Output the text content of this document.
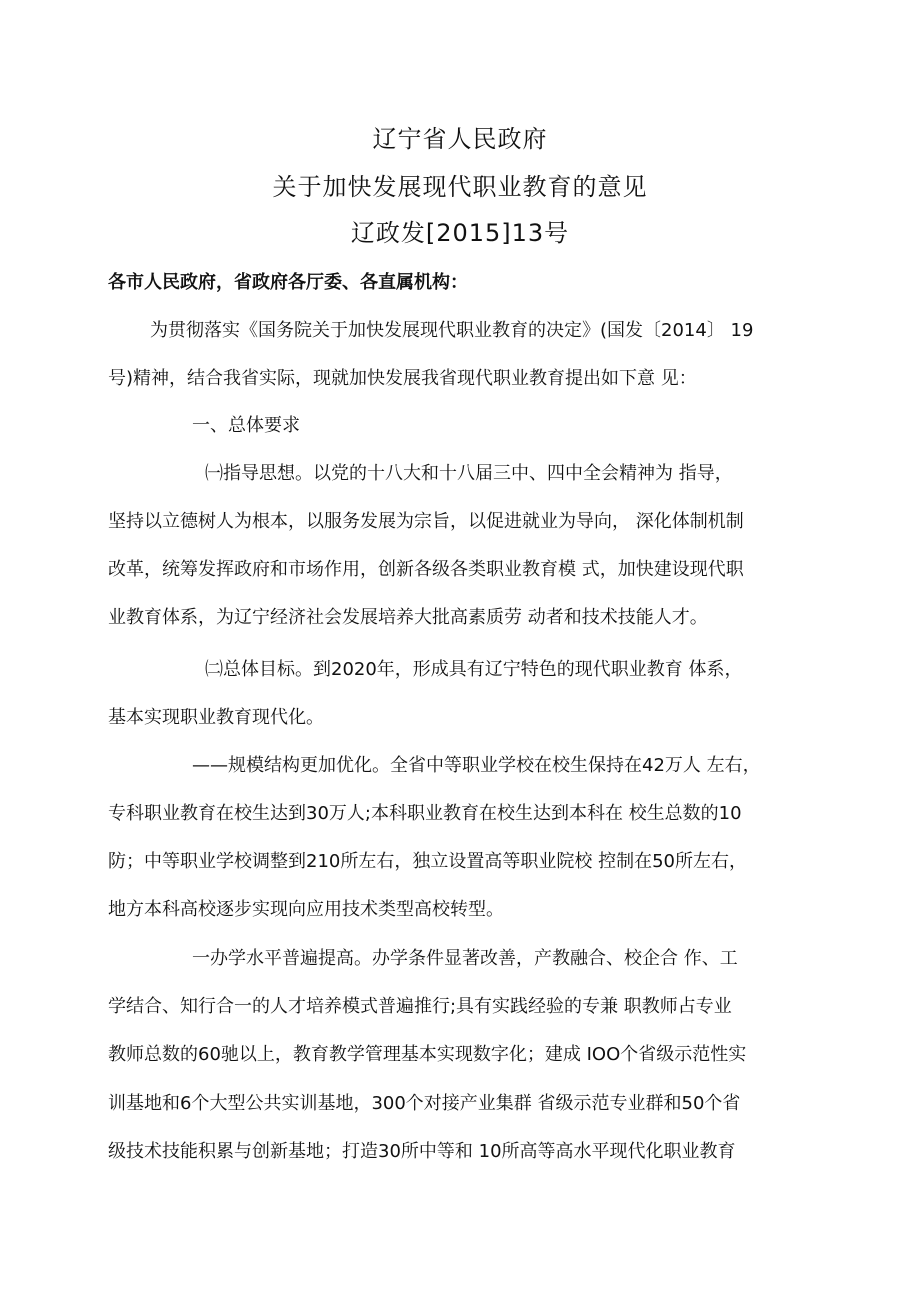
辽宁省人民政府
关于加快发展现代职业教育的意见
辽政发[2015]13号
各市人民政府，省政府各厅委、各直属机构：
为贯彻落实《国务院关于加快发展现代职业教育的决定》(国发〔2014〕 19
号)精神，结合我省实际，现就加快发展我省现代职业教育提出如下意 见：
一、总体要求
㈠指导思想。以党的十八大和十八届三中、四中全会精神为 指导，
坚持以立德树人为根本，以服务发展为宗旨，以促进就业为导向， 深化体制机制
改革，统筹发挥政府和市场作用，创新各级各类职业教育模 式，加快建设现代职
业教育体系，为辽宁经济社会发展培养大批高素质劳 动者和技术技能人才。
㈡总体目标。到2020年，形成具有辽宁特色的现代职业教育 体系，
基本实现职业教育现代化。
——规模结构更加优化。全省中等职业学校在校生保持在42万人 左右，
专科职业教育在校生达到30万人;本科职业教育在校生达到本科在 校生总数的10
防；中等职业学校调整到210所左右，独立设置高等职业院校 控制在50所左右，
地方本科高校逐步实现向应用技术类型高校转型。
一办学水平普遍提高。办学条件显著改善，产教融合、校企合 作、工
学结合、知行合一的人才培养模式普遍推行;具有实践经验的专兼 职教师占专业
教师总数的60驰以上，教育教学管理基本实现数字化；建成 IOO个省级示范性实
训基地和6个大型公共实训基地，300个对接产业集群 省级示范专业群和50个省
级技术技能积累与创新基地；打造30所中等和 10所高等高水平现代化职业教育
